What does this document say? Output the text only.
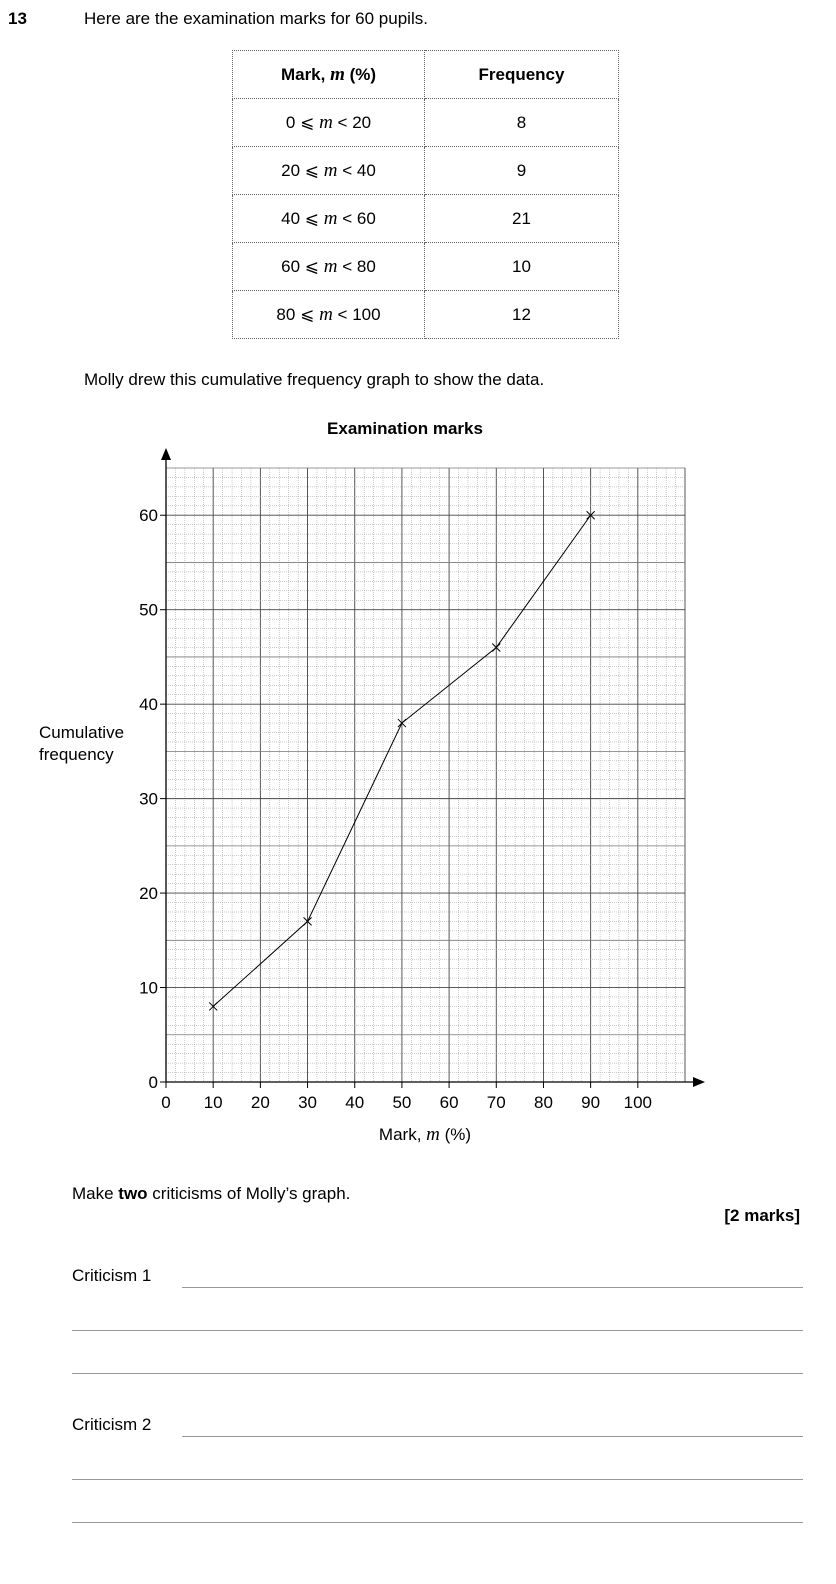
13	Here are the examination marks for 60 pupils.
Mark, m (%)	Frequency
0 ⩽ m < 20	8
20 ⩽ m < 40	9
40 ⩽ m < 60	21
60 ⩽ m < 80	10
80 ⩽ m < 100	12
Molly drew this cumulative frequency graph to show the data.
0 10 20 30 40 50 60 70 80 90 100
0
10
20
30
40
50
60
Examination marks
Cumulative
frequency
Mark, m (%)
Make two criticisms of Molly’s graph.
[2 marks]
Criticism 1
Criticism 2
